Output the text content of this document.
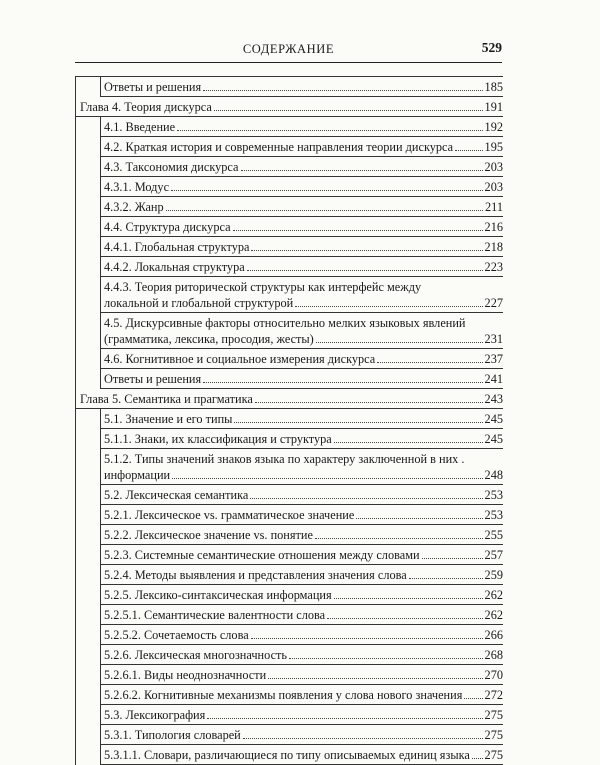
СОДЕРЖАНИЕ	529
Ответы и решения	185
Глава 4. Теория дискурса	191
4.1. Введение	192
4.2. Краткая история и современные направления теории дискурса	195
4.3. Таксономия дискурса	203
4.3.1. Модус	203
4.3.2. Жанр	211
4.4. Структура дискурса	216
4.4.1. Глобальная структура	218
4.4.2. Локальная структура	223
4.4.3. Теория риторической структуры как интерфейс между
локальной и глобальной структурой	227
4.5. Дискурсивные факторы относительно мелких языковых явлений
(грамматика, лексика, просодия, жесты)	231
4.6. Когнитивное и социальное измерения дискурса	237
Ответы и решения	241
Глава 5. Семантика и прагматика	243
5.1. Значение и его типы	245
5.1.1. Знаки, их классификация и структура	245
5.1.2. Типы значений знаков языка по характеру заключенной в них .
информации	248
5.2. Лексическая семантика	253
5.2.1. Лексическое vs. грамматическое значение	253
5.2.2. Лексическое значение vs. понятие	255
5.2.3. Системные семантические отношения между словами	257
5.2.4. Методы выявления и представления значения слова	259
5.2.5. Лексико-синтаксическая информация	262
5.2.5.1. Семантические валентности слова	262
5.2.5.2. Сочетаемость слова	266
5.2.6. Лексическая многозначность	268
5.2.6.1. Виды неоднозначности	270
5.2.6.2. Когнитивные механизмы появления у слова нового значения 272
5.3. Лексикография	275
5.3.1. Типология словарей	275
5.3.1.1. Словари, различающиеся по типу описываемых единиц языка 275
